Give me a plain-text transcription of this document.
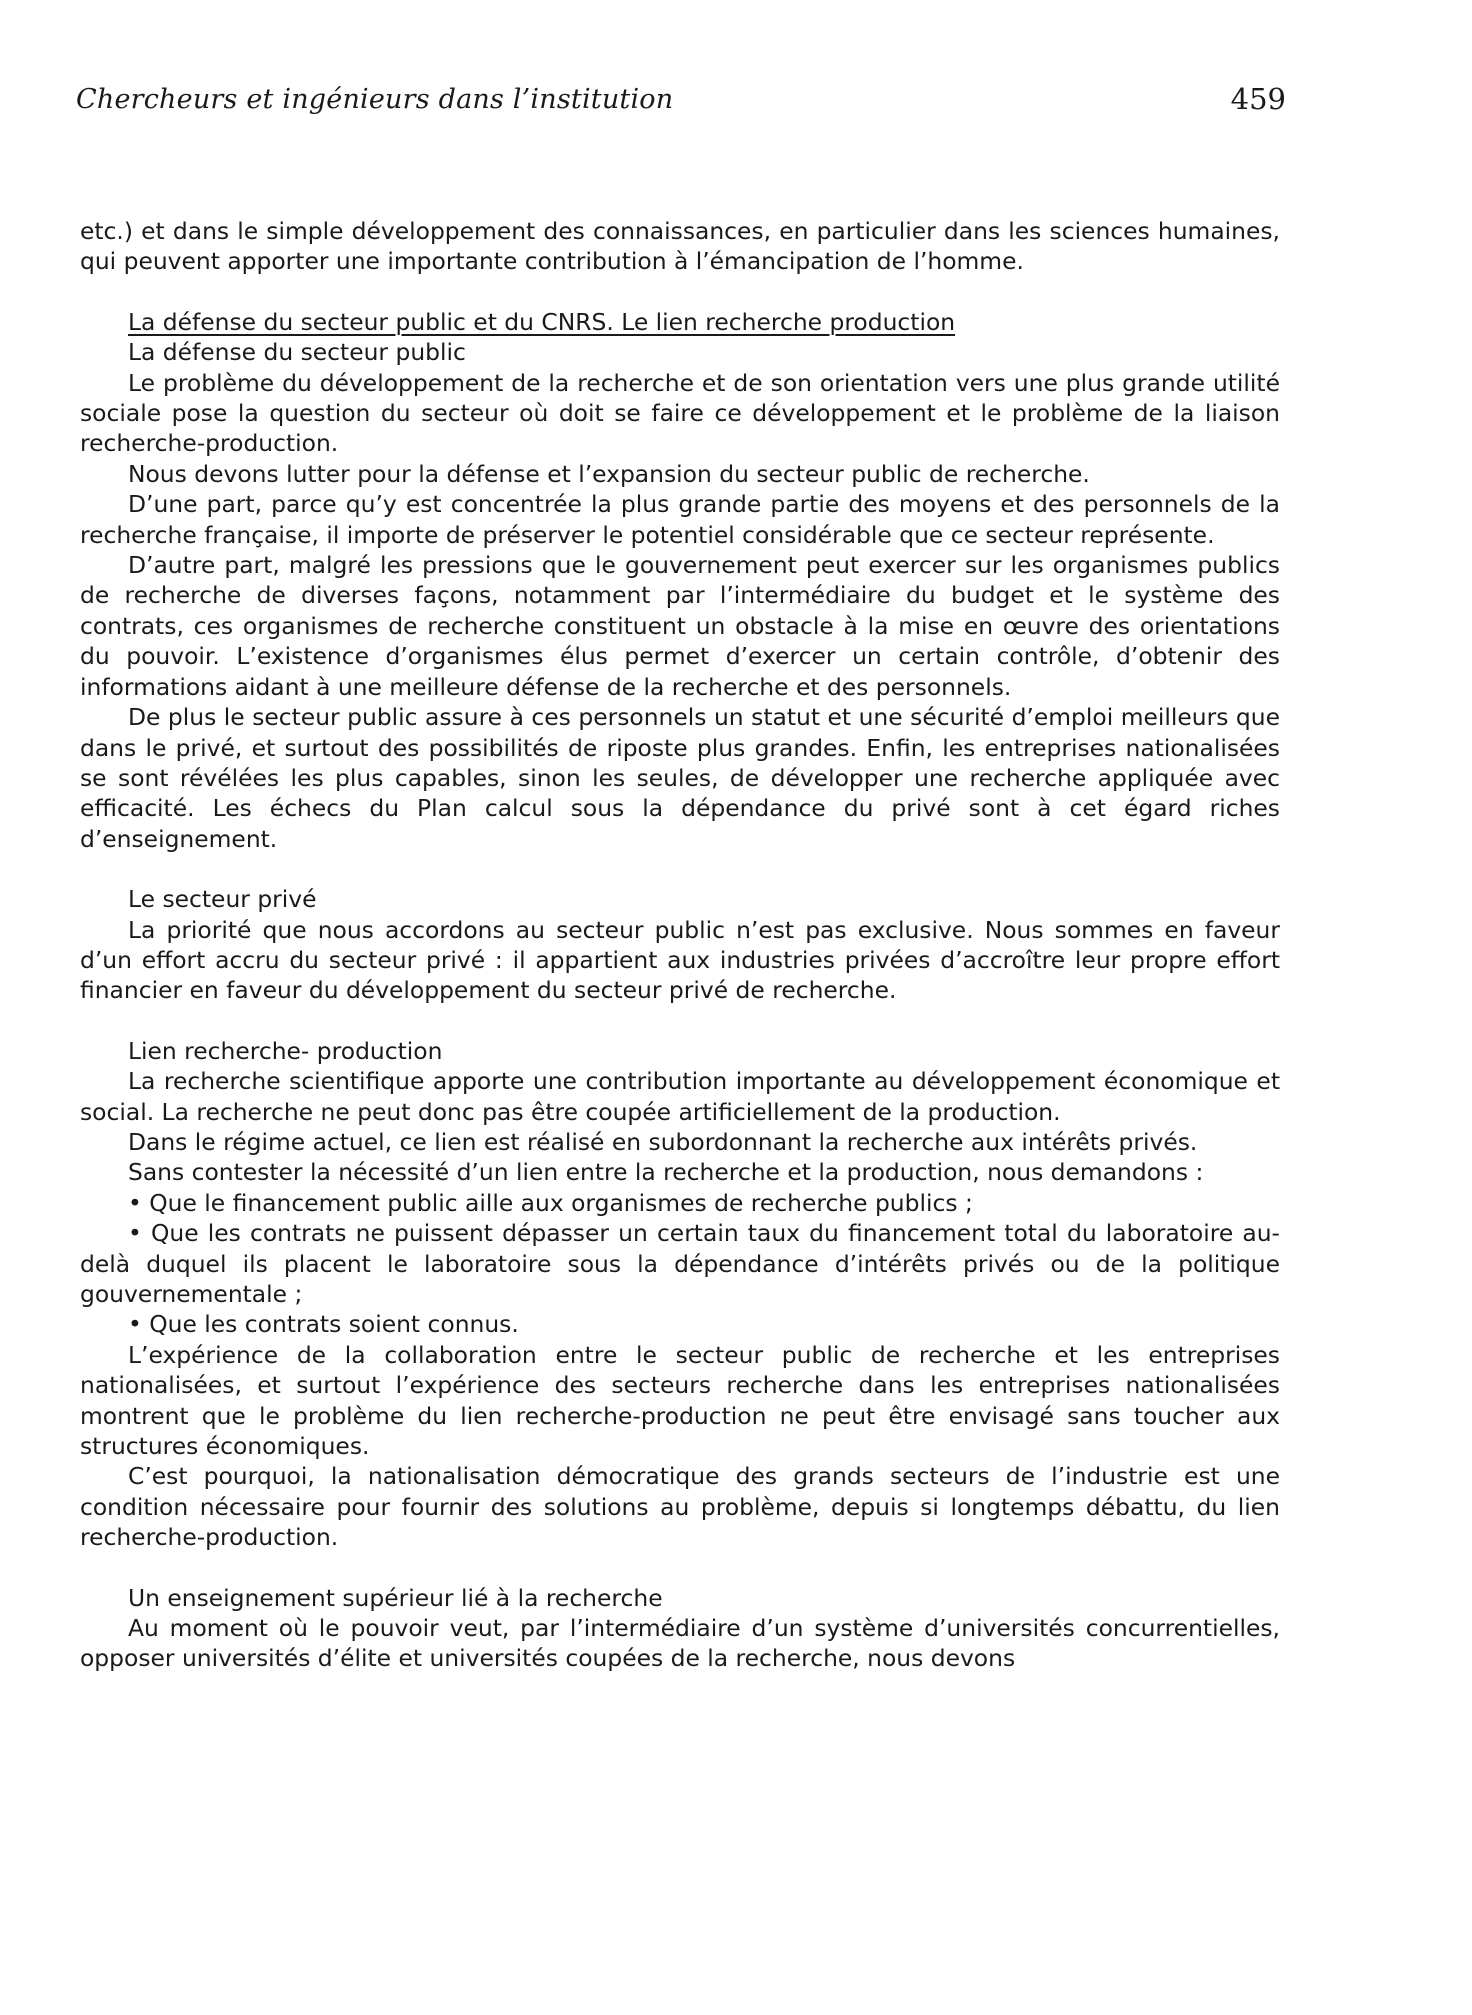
Chercheurs et ingénieurs dans l’institution	459

etc.) et dans le simple développement des connaissances, en particulier dans les sciences humaines, qui peuvent apporter une importante contribution à l’émancipation de l’homme.

La défense du secteur public et du CNRS. Le lien recherche production

La défense du secteur public

Le problème du développement de la recherche et de son orientation vers une plus grande utilité sociale pose la question du secteur où doit se faire ce développement et le problème de la liaison recherche-production.

Nous devons lutter pour la défense et l’expansion du secteur public de recherche.

D’une part, parce qu’y est concentrée la plus grande partie des moyens et des personnels de la recherche française, il importe de préserver le potentiel considérable que ce secteur représente.

D’autre part, malgré les pressions que le gouvernement peut exercer sur les organismes publics de recherche de diverses façons, notamment par l’intermédiaire du budget et le système des contrats, ces organismes de recherche constituent un obstacle à la mise en œuvre des orientations du pouvoir. L’existence d’organismes élus permet d’exercer un certain contrôle, d’obtenir des informations aidant à une meilleure défense de la recherche et des personnels.

De plus le secteur public assure à ces personnels un statut et une sécurité d’emploi meilleurs que dans le privé, et surtout des possibilités de riposte plus grandes. Enfin, les entreprises nationalisées se sont révélées les plus capables, sinon les seules, de développer une recherche appliquée avec efficacité. Les échecs du Plan calcul sous la dépendance du privé sont à cet égard riches d’enseignement.

Le secteur privé

La priorité que nous accordons au secteur public n’est pas exclusive. Nous sommes en faveur d’un effort accru du secteur privé : il appartient aux industries privées d’accroître leur propre effort financier en faveur du développement du secteur privé de recherche.

Lien recherche- production

La recherche scientifique apporte une contribution importante au développement économique et social. La recherche ne peut donc pas être coupée artificiellement de la production.

Dans le régime actuel, ce lien est réalisé en subordonnant la recherche aux intérêts privés.

Sans contester la nécessité d’un lien entre la recherche et la production, nous demandons :

• Que le financement public aille aux organismes de recherche publics ;

• Que les contrats ne puissent dépasser un certain taux du financement total du laboratoire au-delà duquel ils placent le laboratoire sous la dépendance d’intérêts privés ou de la politique gouvernementale ;

• Que les contrats soient connus.

L’expérience de la collaboration entre le secteur public de recherche et les entreprises nationalisées, et surtout l’expérience des secteurs recherche dans les entreprises nationalisées montrent que le problème du lien recherche-production ne peut être envisagé sans toucher aux structures économiques.

C’est pourquoi, la nationalisation démocratique des grands secteurs de l’industrie est une condition nécessaire pour fournir des solutions au problème, depuis si longtemps débattu, du lien recherche-production.

Un enseignement supérieur lié à la recherche

Au moment où le pouvoir veut, par l’intermédiaire d’un système d’universités concurrentielles, opposer universités d’élite et universités coupées de la recherche, nous devons
